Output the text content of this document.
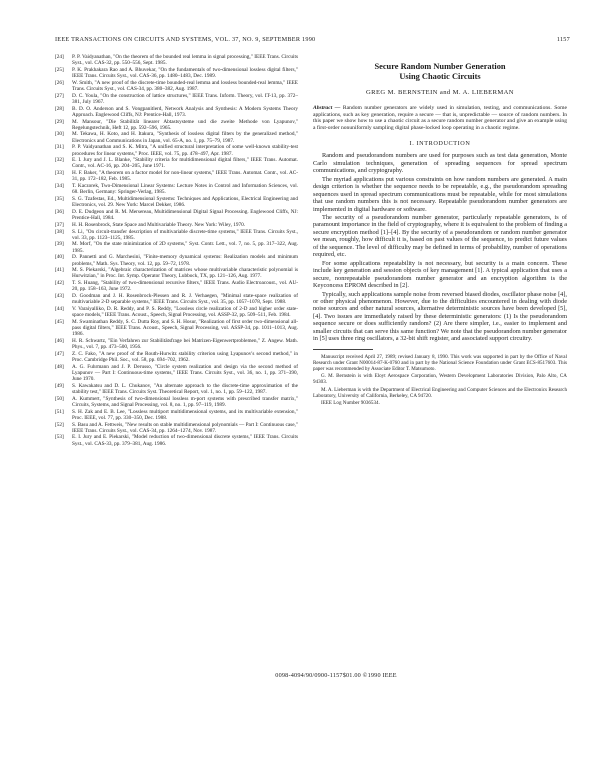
IEEE TRANSACTIONS ON CIRCUITS AND SYSTEMS, VOL. 37, NO. 9, SEPTEMBER 1990	1157
[24] P. P. Vaidyanathan, "On the theorem of the bounded real lemma in signal processing," IEEE Trans. Circuits Syst., vol. CAS-32, pp. 550–556, Sept. 1985.
[25] P. K. Prakhakara Rao and A. Bhuvekar, "On the fundamentals of two-dimensional lossless digital filters," IEEE Trans. Circuits Syst., vol. CAS-36, pp. 1480–1483, Dec. 1989.
[26] W. Smith, "A new proof of the discrete-time bounded-real lemma and lossless bounded-real lemma," IEEE Trans. Circuits Syst., vol. CAS-34, pp. 380–382, Aug. 1987.
[27] D. C. Youla, "On the construction of lattice structures," IEEE Trans. Inform. Theory, vol. IT-13, pp. 372–381, July 1967.
[28] B. D. O. Anderson and S. Vongpanitlerd, Network Analysis and Synthesis: A Modern Systems Theory Approach. Englewood Cliffs, NJ: Prentice-Hall, 1973.
[29] M. Mansour, "Die Stabilität linearer Abtastsysteme und die zweite Methode von Lyapunov," Regelungstechnik, Heft 12, pp. 592–596, 1965.
[30] M. Tekawa, H. Koto, and H. Itakura, "Synthesis of lossless digital filters by the generalized method," Electronics and Communications in Japan, vol. 65-A, no. 1, pp. 75–79, 1987.
[31] P. P. Vaidyanathan and S. K. Mitra, "A unified structural interpretation of some well-known stability-test procedures for linear systems," Proc. IEEE, vol. 75, pp. 478–497, Apr. 1987.
[32] E. I. Jury and J. L. Blanke, "Stability criteria for multidimensional digital filters," IEEE Trans. Automat. Contr., vol. AC-16, pp. 204–205, June 1971.
[33] H. F. Baker, "A theorem on a factor model for non-linear systems," IEEE Trans. Automat. Contr., vol. AC-31, pp. 172–182, Feb. 1985.
[34] T. Kaczorek, Two-Dimensional Linear Systems: Lecture Notes in Control and Information Sciences, vol. 68. Berlin, Germany: Springer-Verlag, 1985.
[35] S. G. Tzafestas, Ed., Multidimensional Systems: Techniques and Applications, Electrical Engineering and Electronics, vol. 29. New York: Marcel Dekker, 1986.
[36] D. E. Dudgeon and R. M. Mersereau, Multidimensional Digital Signal Processing. Englewood Cliffs, NJ: Prentice-Hall, 1984.
[37] H. H. Rosenbrock, State Space and Multivariable Theory. New York: Wiley, 1970.
[38] S. Li, "On circuit-transfer description of multivariable discrete-time systems," IEEE Trans. Circuits Syst., vol. 33, pp. 1123–1125, 1985.
[39] M. Morf, "On the state minimization of 2D systems," Syst. Contr. Lett., vol. 7, no. 5, pp. 317–322, Aug. 1985.
[40] D. Pannetti and G. Marchesini, "Finite-memory dynamical systems: Realization models and minimum problems," Math. Sys. Theory, vol. 12, pp. 59–72, 1978.
[41] M. S. Piekarski, "Algebraic characterization of matrices whose multivariable characteristic polynomial is Hurwitzian," in Proc. Int. Symp. Operator Theory, Lubbock, TX, pp. 121–126, Aug. 1977.
[42] T. S. Huang, "Stability of two-dimensional recursive filters," IEEE Trans. Audio Electroacoust., vol. AU-20, pp. 158–163, June 1972.
[43] D. Goodman and J. H. Rosenbrock-Plessen and R. J. Verhaegen, "Minimal state-space realization of multivariable 2-D separable systems," IEEE Trans. Circuits Syst., vol. 35, pp. 1057–1078, Sept. 1988.
[44] V. Varaiyalliko, D. R. Reddy, and P. S. Reddy, "Lossless circle realization of 2-D and higher order state-space models," IEEE Trans. Acoust., Speech, Signal Processing, vol. ASSP-32, pp. 509–511, Feb. 1984.
[45] M. Swaminathan Reddy, S. C. Dutta Roy, and S. H. Hosur, "Realization of first order two-dimensional all-pass digital filters," IEEE Trans. Acoust., Speech, Signal Processing, vol. ASSP-34, pp. 1011–1013, Aug. 1986.
[46] H. R. Schwartz, "Ein Verfahren zur Stabilitätsfrage bei Matrizen-Eigenwertproblemen," Z. Angew. Math. Phys., vol. 7, pp. 473–500, 1956.
[47] Z. C. Fako, "A new proof of the Routh-Hurwitz stability criterion using Lyapunov's second method," in Proc. Cambridge Phil. Soc., vol. 58, pp. 694–702, 1962.
[48] A. G. Fuhrmann and J. P. Derusso, "Circle system realization and design via the second method of Lyapunov — Part I: Continuous-time systems," IEEE Trans. Circuits Syst., vol. 36, no. 1, pp. 371–390, June 1970.
[49] S. Kawakatsu and D. L. Chukanov, "An alternate approach to the discrete-time approximation of the stability test," IEEE Trans. Circuits Syst. Theoretical Report, vol. 1, no. 1, pp. 59–122, 1987.
[50] A. Kummert, "Synthesis of two-dimensional lossless m-port systems with prescribed transfer matrix," Circuits, Systems, and Signal Processing, vol. 8, no. 1, pp. 97–119, 1989.
[51] S. H. Zak and E. B. Lee, "Lossless multiport multidimensional systems, and its multivariable extension," Proc. IEEE, vol. 77, pp. 330–350, Dec. 1988.
[52] S. Basu and A. Fettweis, "New results on stable multidimensional polynomials — Part I: Continuous case," IEEE Trans. Circuits Syst., vol. CAS-34, pp. 1264–1274, Nov. 1987.
[53] E. I. Jury and E. Piekarski, "Model reduction of two-dimensional discrete systems," IEEE Trans. Circuits Syst., vol. CAS-33, pp. 379–381, Aug. 1986.
Secure Random Number Generation
Using Chaotic Circuits
GREG M. BERNSTEIN and M. A. LIEBERMAN
Abstract — Random number generators are widely used in simulation, testing, and communications. Some applications, such as key generation, require a secure — that is, unpredictable — source of random numbers. In this paper we show how to use a chaotic circuit as a secure random number generator and give an example using a first-order nonuniformly sampling digital phase-locked loop operating in a chaotic regime.
I. INTRODUCTION

Random and pseudorandom numbers are used for purposes such as test data generation, Monte Carlo simulation techniques, generation of spreading sequences for spread spectrum communications, and cryptography.

The myriad applications put various constraints on how random numbers are generated. A main design criterion is whether the sequence needs to be repeatable, e.g., the pseudorandom spreading sequences used in spread spectrum communications must be repeatable, while for most simulations that use random numbers this is not necessary. Repeatable pseudorandom number generators are implemented in digital hardware or software.

The security of a pseudorandom number generator, particularly repeatable generators, is of paramount importance in the field of cryptography, where it is equivalent to the problem of finding a secure encryption method [1]–[4]. By the security of a pseudorandom or random number generator we mean, roughly, how difficult it is, based on past values of the sequence, to predict future values of the sequence. The level of difficulty may be defined in terms of probability, number of operations required, etc.

For some applications repeatability is not necessary, but security is a main concern. These include key generation and session objects of key management [1]. A typical application that uses a secure, nonrepeatable pseudorandom number generator and an encryption algorithm is the Keyconcess EPROM described in [2].

Typically, such applications sample noise from reversed biased diodes, oscillator phase noise [4], or other physical phenomenon. However, due to the difficulties encountered in dealing with diode noise sources and other natural sources, alternative deterministic sources have been developed [5], [4]. Two issues are immediately raised by these deterministic generators: (1) Is the pseudorandom sequence secure or does sufficiently random? (2) Are there simpler, i.e., easier to implement and smaller circuits that can serve this same function? We note that the pseudorandom number generator in [5] uses three ring oscillators, a 32-bit shift register, and associated support circuitry.

Manuscript received April 27, 1989; revised January 8, 1990. This work was supported in part by the Office of Naval Research under Grant N00014-87-K-0760 and in part by the National Science Foundation under Grant ECS-8517603. This paper was recommended by Associate Editor T. Matsumoto.
G. M. Bernstein is with Eloyt Aerospace Corporation, Western Development Laboratories Division, Palo Alto, CA 94303.
M. A. Lieberman is with the Department of Electrical Engineering and Computer Sciences and the Electronics Research Laboratory, University of California, Berkeley, CA 94720.
IEEE Log Number 9036534.
0098-4094/90/0900-1157$01.00 ©1990 IEEE
